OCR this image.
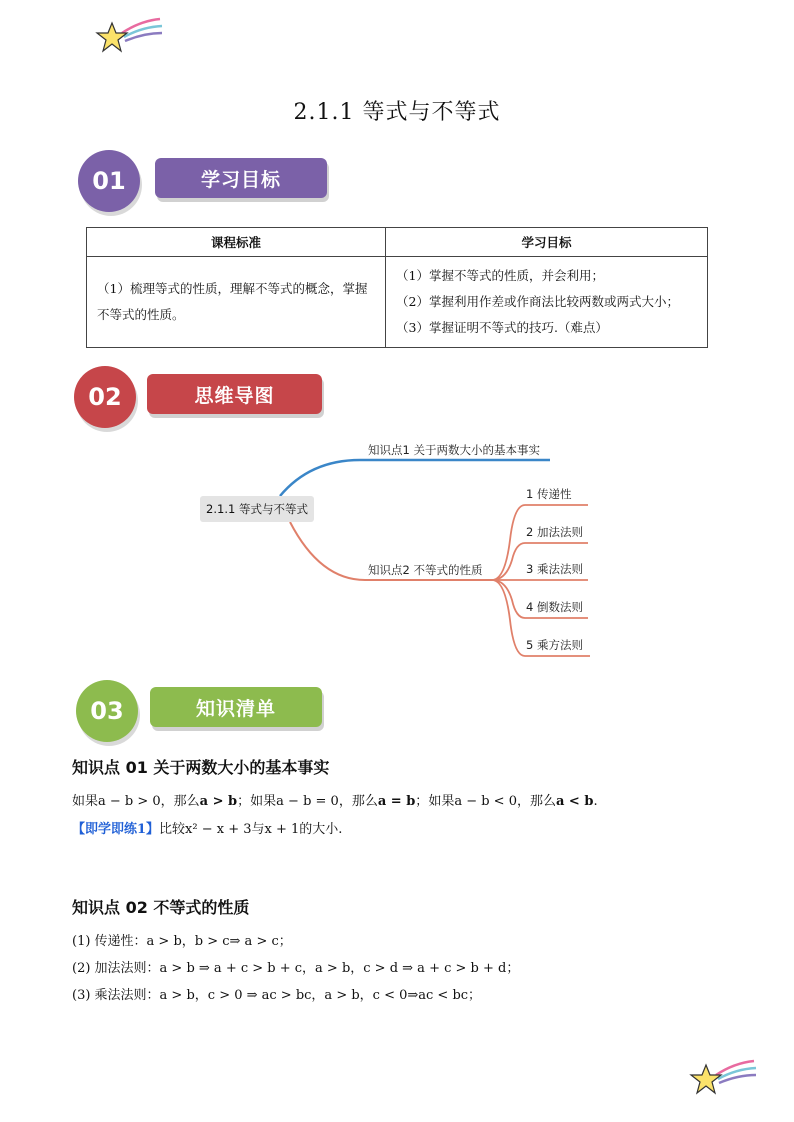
2.1.1 等式与不等式
01	学习目标
课程标准	学习目标
（1）梳理等式的性质，理解不等式的概念，掌握不等式的性质。	（1）掌握不等式的性质，并会利用；
（2）掌握利用作差或作商法比较两数或两式大小；
（3）掌握证明不等式的技巧.（难点）
02	思维导图
2.1.1 等式与不等式
知识点1 关于两数大小的基本事实
知识点2 不等式的性质
1 传递性
2 加法法则
3 乘法法则
4 倒数法则
5 乘方法则
03	知识清单
知识点 01 关于两数大小的基本事实
如果a − b > 0，那么a > b；如果a − b = 0，那么a = b；如果a − b < 0，那么a < b.
【即学即练1】比较x² − x + 3与x + 1的大小.
知识点 02 不等式的性质
(1) 传递性：a > b，b > c⇒ a > c；
(2) 加法法则：a > b ⇒ a + c > b + c，a > b，c > d ⇒ a + c > b + d；
(3) 乘法法则：a > b，c > 0 ⇒ ac > bc，a > b，c < 0⇒ac < bc；
